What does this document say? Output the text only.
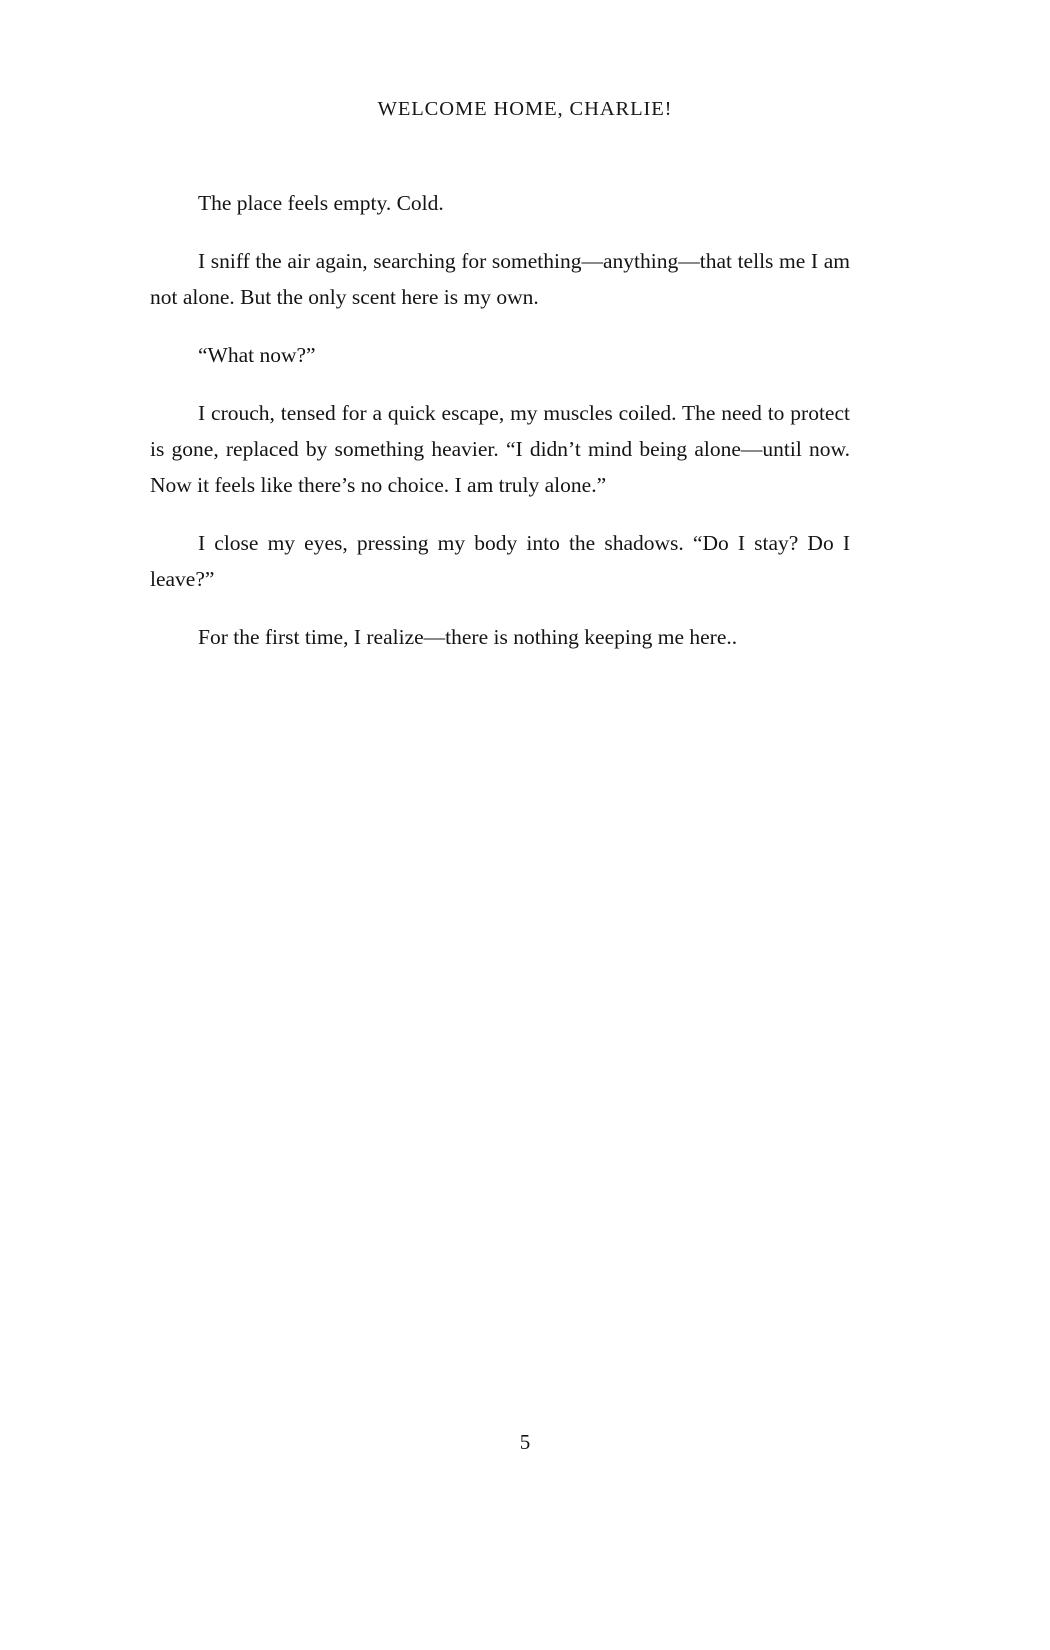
WELCOME HOME, CHARLIE!

The place feels empty. Cold.

I sniff the air again, searching for something—anything—that tells me I am not alone. But the only scent here is my own.

“What now?”

I crouch, tensed for a quick escape, my muscles coiled. The need to protect is gone, replaced by something heavier. “I didn’t mind being alone—until now. Now it feels like there’s no choice. I am truly alone.”

I close my eyes, pressing my body into the shadows. “Do I stay? Do I leave?”

For the first time, I realize—there is nothing keeping me here..

5
